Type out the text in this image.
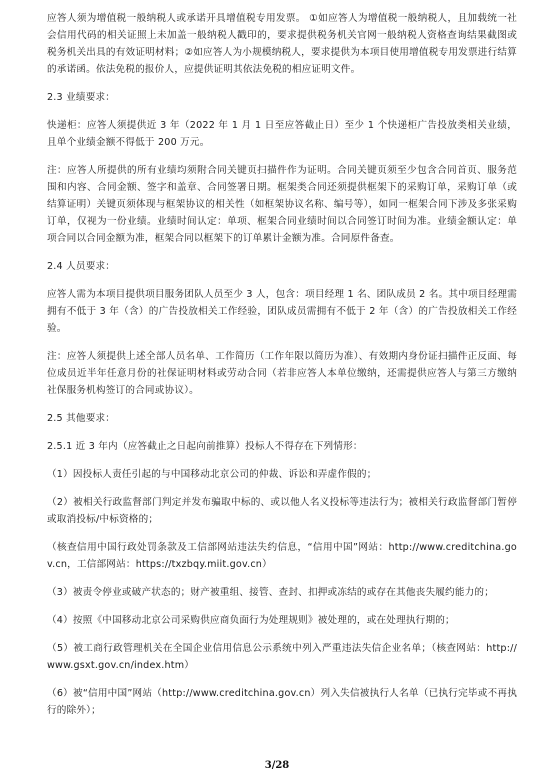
应答人须为增值税一般纳税人或承诺开具增值税专用发票。 ①如应答人为增值税一般纳税人，且加载统一社会信用代码的相关证照上未加盖一般纳税人戳印的，要求提供税务机关官网一般纳税人资格查询结果截图或税务机关出具的有效证明材料；②如应答人为小规模纳税人，要求提供为本项目使用增值税专用发票进行结算的承诺函。依法免税的报价人，应提供证明其依法免税的相应证明文件。

2.3 业绩要求：

快递柜：应答人须提供近 3 年（2022 年 1 月 1 日至应答截止日）至少 1 个快递柜广告投放类相关业绩，且单个业绩金额不得低于 200 万元。

注：应答人所提供的所有业绩均须附合同关键页扫描件作为证明。合同关键页须至少包含合同首页、服务范围和内容、合同金额、签字和盖章、合同签署日期。框架类合同还须提供框架下的采购订单，采购订单（或结算证明）关键页须体现与框架协议的相关性（如框架协议名称、编号等），如同一框架合同下涉及多张采购订单，仅视为一份业绩。业绩时间认定：单项、框架合同业绩时间以合同签订时间为准。业绩金额认定：单项合同以合同金额为准，框架合同以框架下的订单累计金额为准。合同原件备查。

2.4 人员要求：

应答人需为本项目提供项目服务团队人员至少 3 人，包含：项目经理 1 名、团队成员 2 名。其中项目经理需拥有不低于 3 年（含）的广告投放相关工作经验，团队成员需拥有不低于 2 年（含）的广告投放相关工作经验。

注：应答人须提供上述全部人员名单、工作简历（工作年限以简历为准）、有效期内身份证扫描件正反面、每位成员近半年任意月份的社保证明材料或劳动合同（若非应答人本单位缴纳，还需提供应答人与第三方缴纳社保服务机构签订的合同或协议）。

2.5 其他要求：

2.5.1 近 3 年内（应答截止之日起向前推算）投标人不得存在下列情形：

（1）因投标人责任引起的与中国移动北京公司的仲裁、诉讼和弄虚作假的；

（2）被相关行政监督部门判定并发布骗取中标的、或以他人名义投标等违法行为；被相关行政监督部门暂停或取消投标/中标资格的；

（核查信用中国行政处罚条款及工信部网站违法失约信息，“信用中国”网站：http://www.creditchina.gov.cn，工信部网站：https://txzbqy.miit.gov.cn）

（3）被责令停业或破产状态的；财产被重组、接管、查封、扣押或冻结的或存在其他丧失履约能力的；

（4）按照《中国移动北京公司采购供应商负面行为处理规则》被处理的，或在处理执行期的；

（5）被工商行政管理机关在全国企业信用信息公示系统中列入严重违法失信企业名单；（核查网站：http://www.gsxt.gov.cn/index.htm）

（6）被“信用中国”网站（http://www.creditchina.gov.cn）列入失信被执行人名单（已执行完毕或不再执行的除外）；

3/28
